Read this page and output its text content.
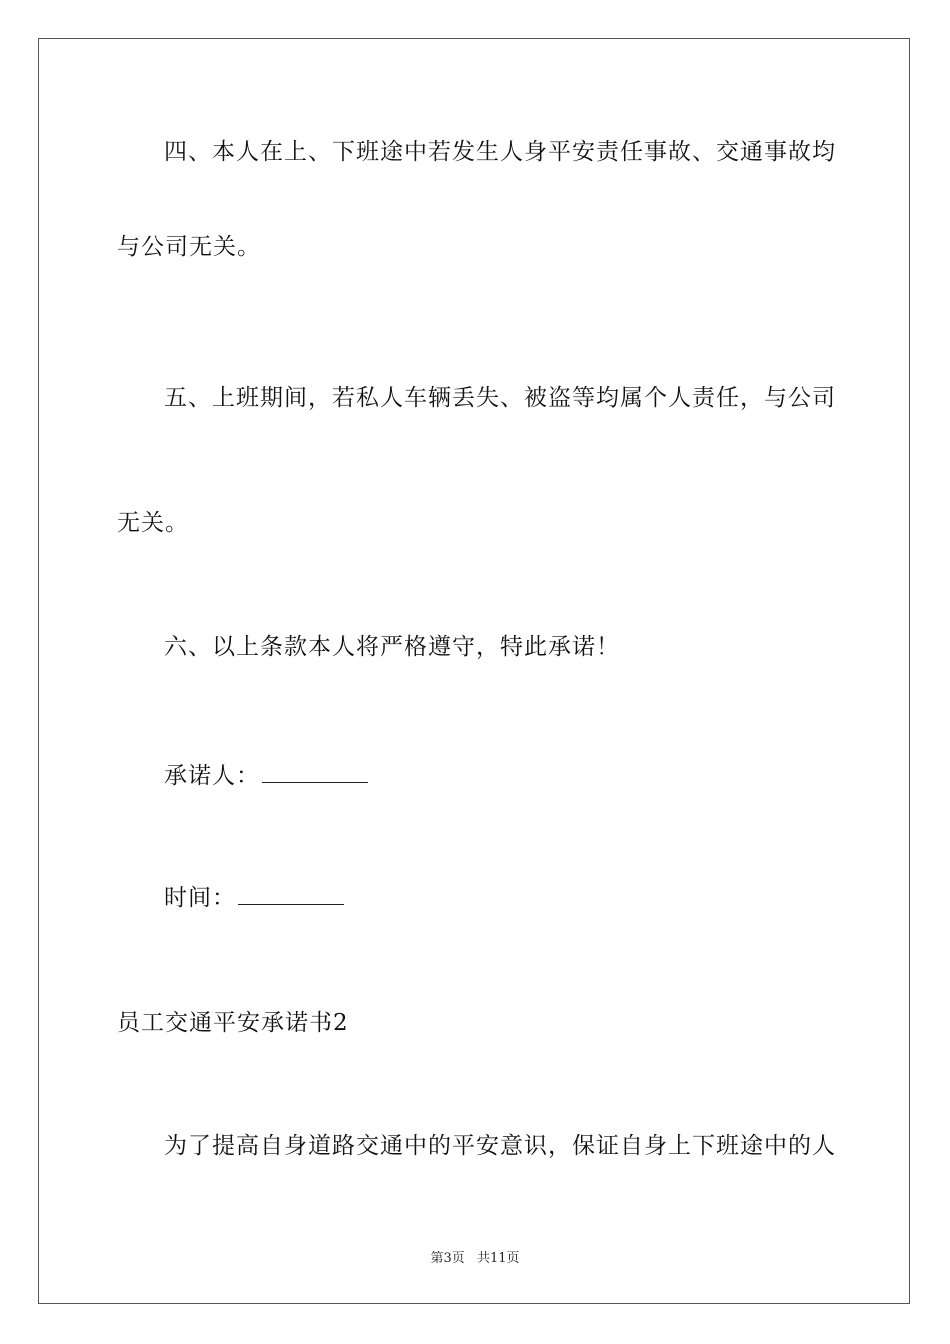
四、本人在上、下班途中若发生人身平安责任事故、交通事故均
与公司无关。
五、上班期间，若私人车辆丢失、被盗等均属个人责任，与公司
无关。
六、以上条款本人将严格遵守，特此承诺！
承诺人：
时间：
员工交通平安承诺书2
为了提高自身道路交通中的平安意识，保证自身上下班途中的人
第3页 共11页
